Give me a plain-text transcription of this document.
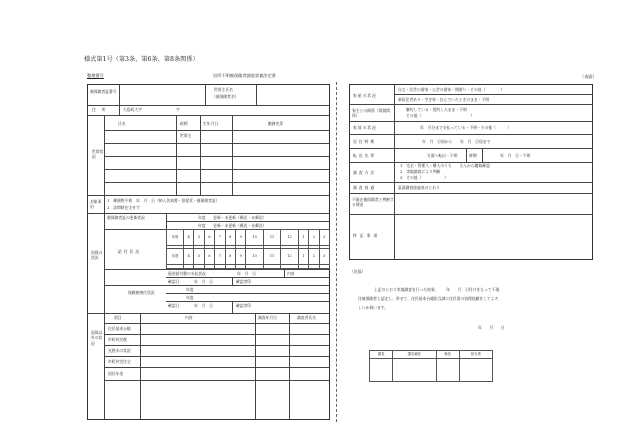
様式第1号（第3条、第6条、第8条関係）
整理番号	居所不明被保険者調査票兼決定書	（表面）
被保険者証番号	世帯主氏名
（被保険者名）
住所	大島町大字	字
世帯状況
氏名	続柄	生年月日	勤務先等
世帯主
対象事由
1　郵便物不着　年　月　日（納入告知書・督促状・被保険者証）
2　訪問時在宅せず
国保の状況
被保険者証の更新状況	年度　　更新・未更新（郵送・未郵送）
年度　　更新・未更新（郵送・未郵送）
給付状況
年度	4	5	6	7	8	9	10	11	12	1	2	3

年度	4	5	6	7	8	9	10	11	12	1	2	3

現金給付費の支払状況	年　月　日	内容
確認日	年　月　日	確認者印
保険税納付状況
年度
年度
確認日	年　月　日	確認者印
国保以外の状況
項目	内容	調査年月日	調査者氏名
住民基本台帳
市町村民税
光熱水の状況
市町村営住宅
国民年金
家屋の状況
自宅・民営の借家・公営の借家・間借り・その他（　　　　）
新居住者あり・空き家・住んでいたときのまま・不明
家主との関係（賃貸関係）
解約している・契約したまま・不明
その他（　　　　　　　　　　　　　）
家賃の状況	年　月分まで支払っている・不明・その他（　　　）
居住時期	年　月　日頃から　　年　月　日頃まで
転出先等	方面へ転出・不明	時期	年　月　日・不明
調査方法
1　完全・管理人・隣人のうち　　さんから聴取確認
2　実地調査により判断
3　その他（　　　　　　）
調査経過	裏面調査経過表のとおり
不現在被保険者と判断する理由
特記事項
（決裁）
上記のとおり実地調査を行った結果、　　年　　月　日付けをもって不現
住被保険者と認定し、併せて、住民基本台帳担当課に住民票の処理依頼をしてよろ
しいか伺います。
年　　月　　日
課長	課長補佐	係長	担当者
